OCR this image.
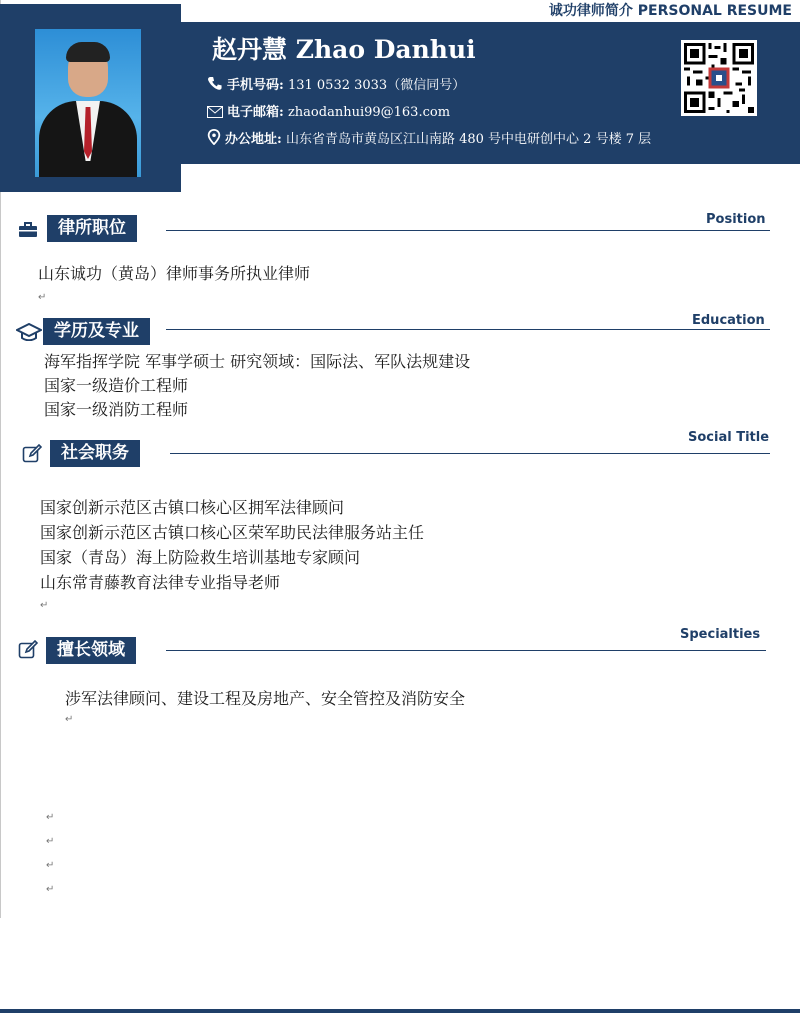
诚功律师简介 PERSONAL RESUME
赵丹慧 Zhao Danhui
手机号码: 131 0532 3033（微信同号）
电子邮箱: zhaodanhui99@163.com
办公地址: 山东省青岛市黄岛区江山南路 480 号中电研创中心 2 号楼 7 层
律所职位	Position
山东诚功（黄岛）律师事务所执业律师
↵
学历及专业
Education
海军指挥学院 军事学硕士 研究领域：国际法、军队法规建设
国家一级造价工程师
国家一级消防工程师
社会职务
Social Title
国家创新示范区古镇口核心区拥军法律顾问
国家创新示范区古镇口核心区荣军助民法律服务站主任
国家（青岛）海上防险救生培训基地专家顾问
山东常青藤教育法律专业指导老师
↵
擅长领域
Specialties
涉军法律顾问、建设工程及房地产、安全管控及消防安全
↵
↵
↵
↵
↵
